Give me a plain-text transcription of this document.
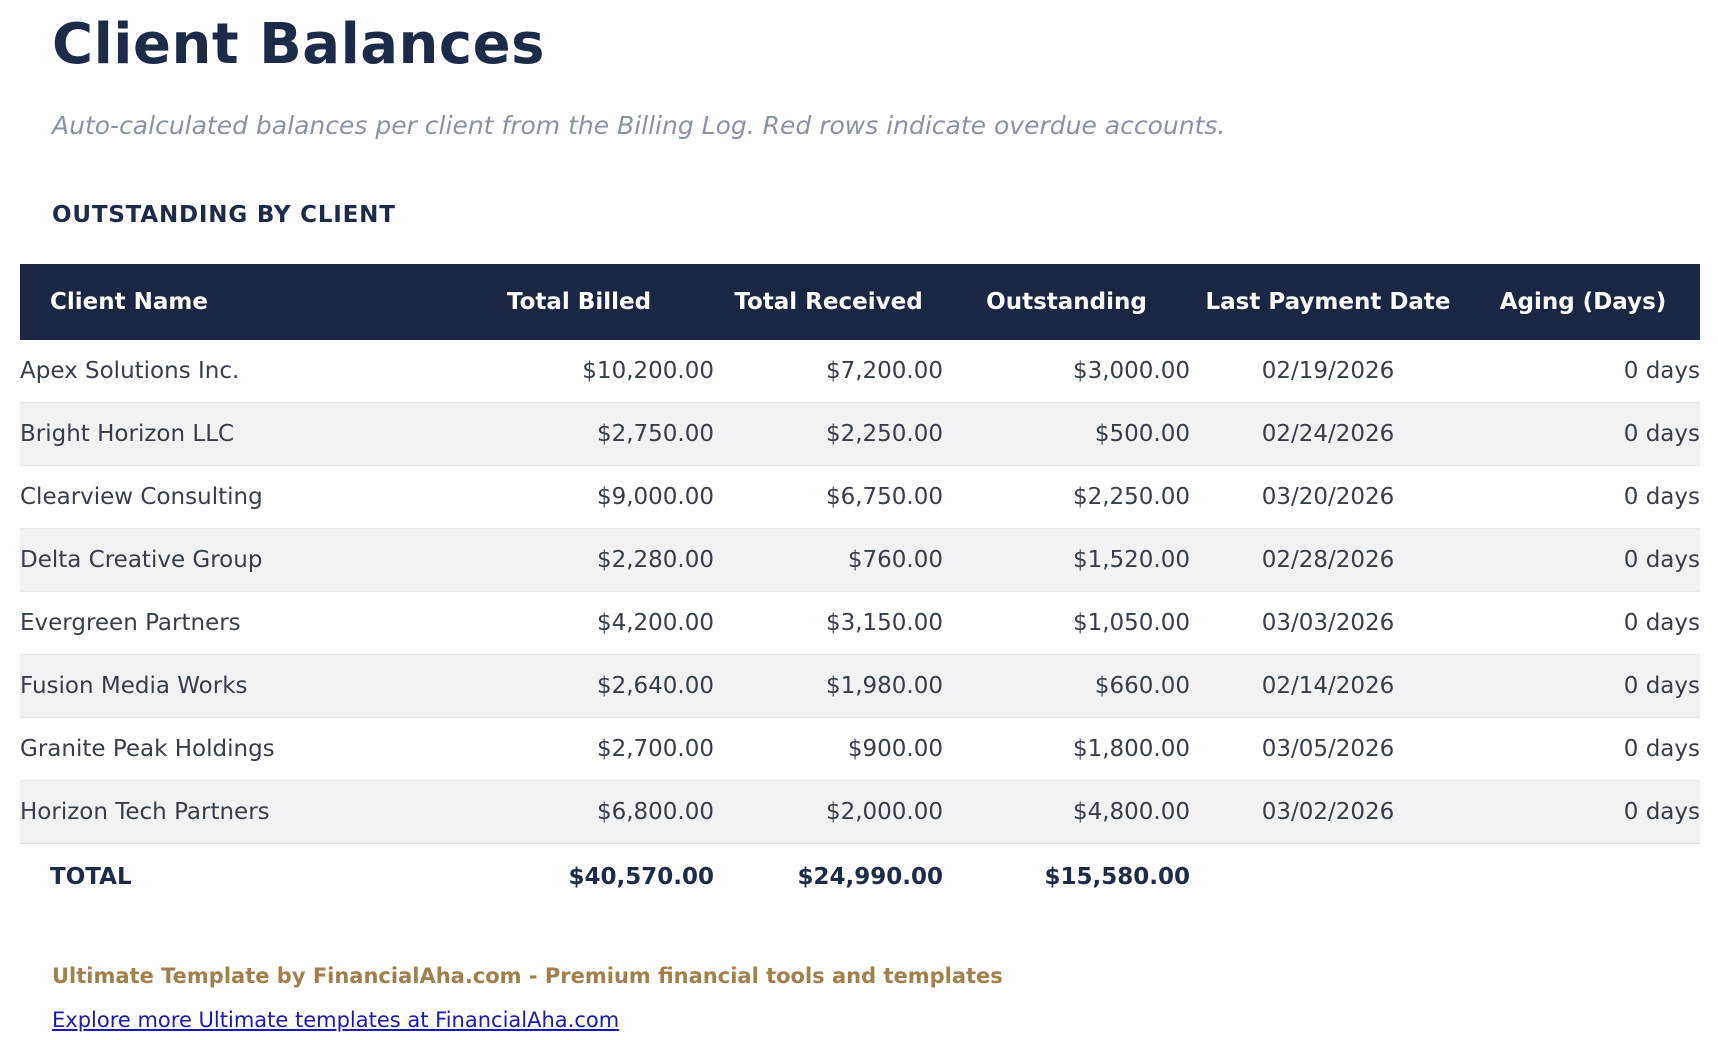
Client Balances

Auto-calculated balances per client from the Billing Log. Red rows indicate overdue accounts.

OUTSTANDING BY CLIENT
Client Name	Total Billed	Total Received	Outstanding	Last Payment Date	Aging (Days)
Apex Solutions Inc.	$10,200.00	$7,200.00	$3,000.00	02/19/2026	0 days
Bright Horizon LLC	$2,750.00	$2,250.00	$500.00	02/24/2026	0 days
Clearview Consulting	$9,000.00	$6,750.00	$2,250.00	03/20/2026	0 days
Delta Creative Group	$2,280.00	$760.00	$1,520.00	02/28/2026	0 days
Evergreen Partners	$4,200.00	$3,150.00	$1,050.00	03/03/2026	0 days
Fusion Media Works	$2,640.00	$1,980.00	$660.00	02/14/2026	0 days
Granite Peak Holdings	$2,700.00	$900.00	$1,800.00	03/05/2026	0 days
Horizon Tech Partners	$6,800.00	$2,000.00	$4,800.00	03/02/2026	0 days
TOTAL	$40,570.00	$24,990.00	$15,580.00		

Ultimate Template by FinancialAha.com - Premium financial tools and templates

Explore more Ultimate templates at FinancialAha.com
